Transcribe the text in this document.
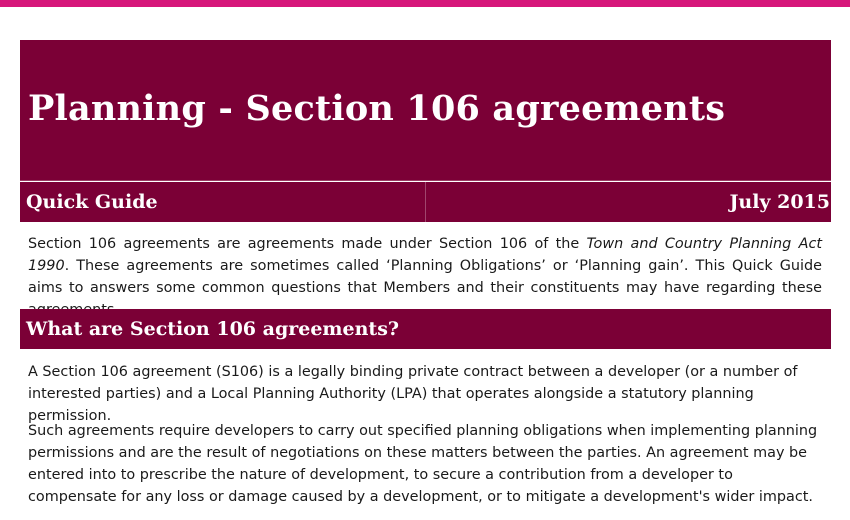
Planning - Section 106 agreements
Quick Guide	July 2015

Section 106 agreements are agreements made under Section 106 of the Town and Country Planning Act 1990. These agreements are sometimes called ‘Planning Obligations’ or ‘Planning gain’. This Quick Guide aims to answers some common questions that Members and their constituents may have regarding these

What are Section 106 agreements?

A Section 106 agreement (S106) is a legally binding private contract between a developer (or a number of interested parties) and a Local Planning Authority (LPA) that operates alongside a statutory planning permission.

Such agreements require developers to carry out specified planning obligations when implementing planning permissions and are the result of negotiations on these matters between the parties. An agreement may be entered into to prescribe the nature of development, to secure a contribution from a developer to compensate for any loss or damage caused by a development, or to mitigate a development's wider impact.
